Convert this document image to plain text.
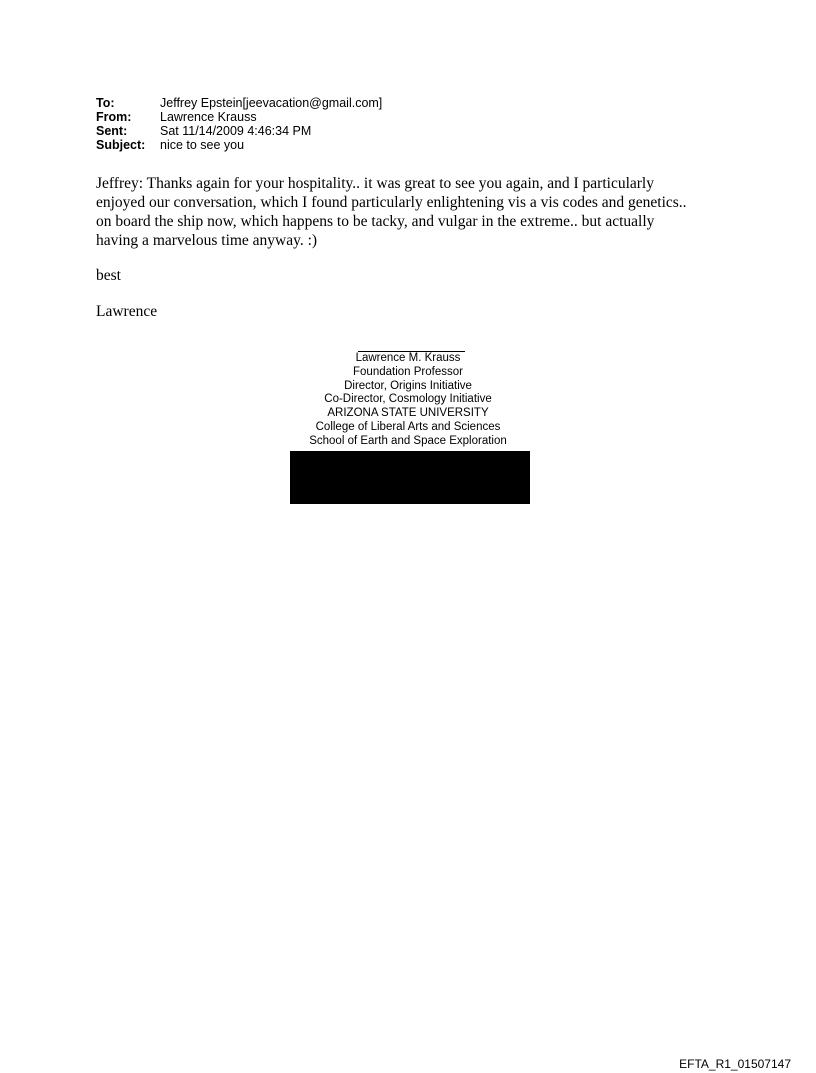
To:	Jeffrey Epstein[jeevacation@gmail.com]
From:	Lawrence Krauss
Sent:	Sat 11/14/2009 4:46:34 PM
Subject:	nice to see you

Jeffrey: Thanks again for your hospitality.. it was great to see you again, and I particularly

enjoyed our conversation, which I found particularly enlightening vis a vis codes and genetics..

on board the ship now, which happens to be tacky, and vulgar in the extreme.. but actually

having a marvelous time anyway. :)

best

Lawrence

Lawrence M. Krauss
Foundation Professor
Director, Origins Initiative
Co-Director, Cosmology Initiative
ARIZONA STATE UNIVERSITY
College of Liberal Arts and Sciences
School of Earth and Space Exploration
EFTA_R1_01507147
